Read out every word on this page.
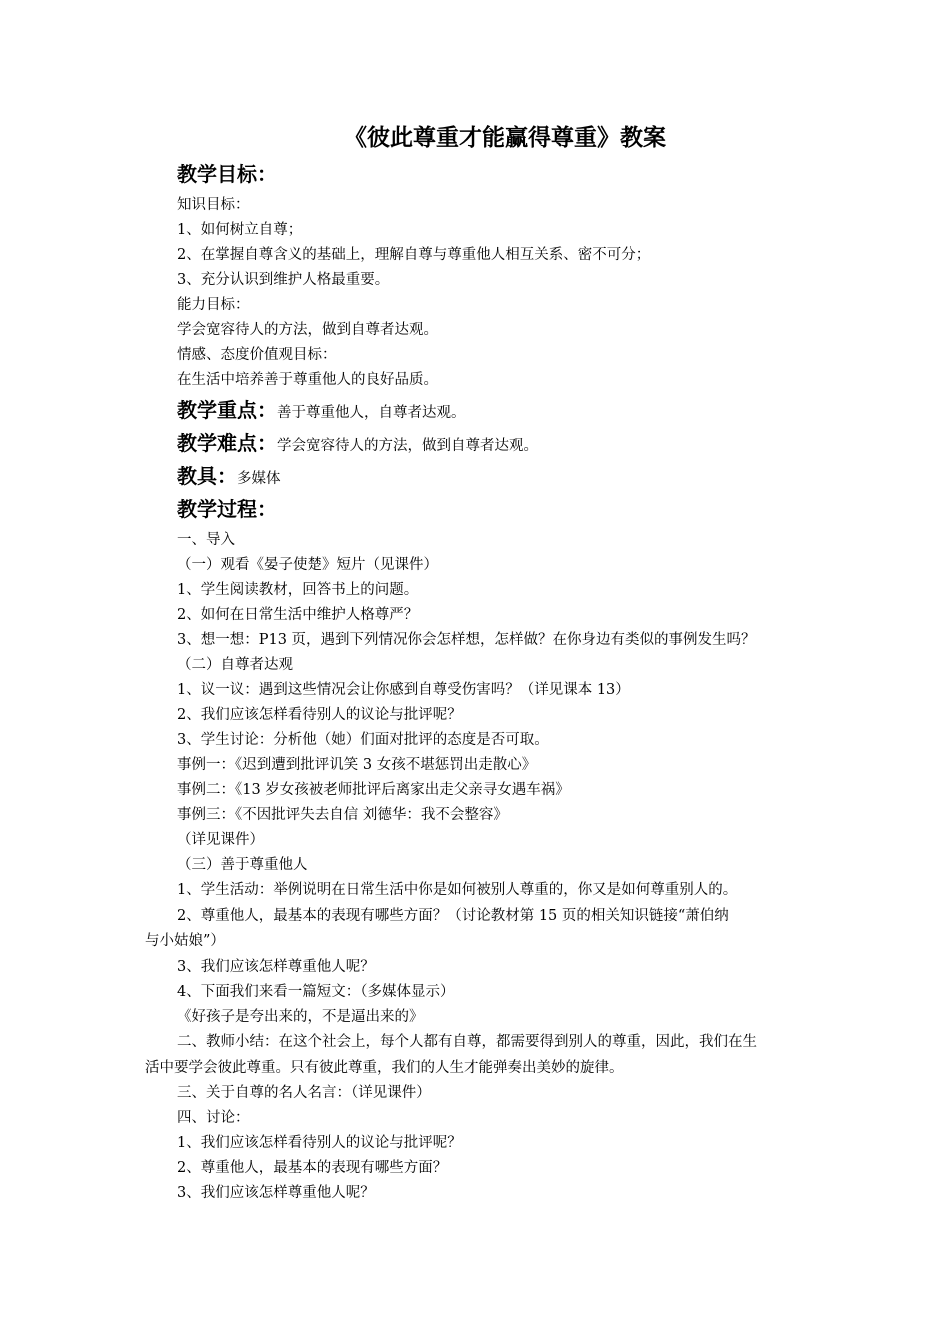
《彼此尊重才能赢得尊重》教案
教学目标：
知识目标：
1、如何树立自尊；
2、在掌握自尊含义的基础上，理解自尊与尊重他人相互关系、密不可分；
3、充分认识到维护人格最重要。
能力目标：
学会宽容待人的方法，做到自尊者达观。
情感、态度价值观目标：
在生活中培养善于尊重他人的良好品质。
教学重点：善于尊重他人，自尊者达观。
教学难点：学会宽容待人的方法，做到自尊者达观。
教具：多媒体
教学过程：
一、导入
（一）观看《晏子使楚》短片（见课件）
1、学生阅读教材，回答书上的问题。
2、如何在日常生活中维护人格尊严？
3、想一想：P13 页，遇到下列情况你会怎样想，怎样做？在你身边有类似的事例发生吗？
（二）自尊者达观
1、议一议：遇到这些情况会让你感到自尊受伤害吗？（详见课本 13）
2、我们应该怎样看待别人的议论与批评呢？
3、学生讨论：分析他（她）们面对批评的态度是否可取。
事例一：《迟到遭到批评讥笑 3 女孩不堪惩罚出走散心》
事例二：《13 岁女孩被老师批评后离家出走父亲寻女遇车祸》
事例三：《不因批评失去自信 刘德华：我不会整容》
（详见课件）
（三）善于尊重他人
1、学生活动：举例说明在日常生活中你是如何被别人尊重的，你又是如何尊重别人的。
2、尊重他人，最基本的表现有哪些方面？（讨论教材第 15 页的相关知识链接“萧伯纳
与小姑娘”）
3、我们应该怎样尊重他人呢？
4、下面我们来看一篇短文：（多媒体显示）
《好孩子是夸出来的，不是逼出来的》
二、教师小结：在这个社会上，每个人都有自尊，都需要得到别人的尊重，因此，我们在生
活中要学会彼此尊重。只有彼此尊重，我们的人生才能弹奏出美妙的旋律。
三、关于自尊的名人名言：（详见课件）
四、讨论：
1、我们应该怎样看待别人的议论与批评呢？
2、尊重他人，最基本的表现有哪些方面？
3、我们应该怎样尊重他人呢？
